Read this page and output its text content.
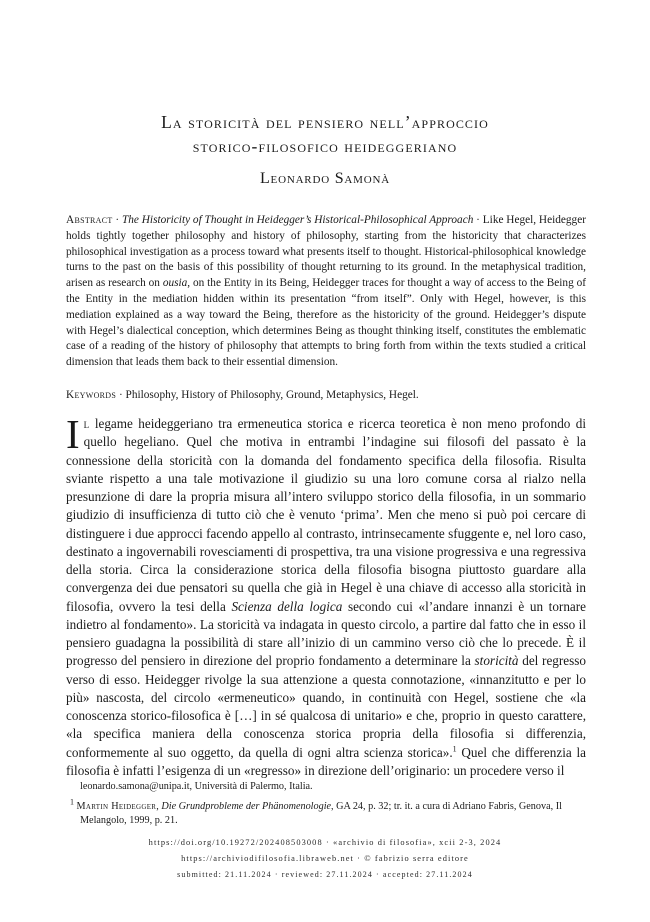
La storicità del pensiero nell’approccio
storico-filosofico heideggeriano
Leonardo Samonà
Abstract · The Historicity of Thought in Heidegger’s Historical-Philosophical Approach · Like Hegel, Heidegger holds tightly together philosophy and history of philosophy, starting from the historicity that characterizes philosophical investigation as a process toward what presents itself to thought. Historical-philosophical knowledge turns to the past on the basis of this possibility of thought returning to its ground. In the metaphysical tradition, arisen as research on ousia, on the Entity in its Being, Heidegger traces for thought a way of access to the Being of the Entity in the mediation hidden within its presentation “from itself”. Only with Hegel, however, is this mediation explained as a way toward the Being, therefore as the historicity of the ground. Heidegger’s dispute with Hegel’s dialectical conception, which determines Being as thought thinking itself, constitutes the emblematic case of a reading of the history of philosophy that attempts to bring forth from within the texts studied a critical dimension that leads them back to their essential dimension.
Keywords · Philosophy, History of Philosophy, Ground, Metaphysics, Hegel.
Il legame heideggeriano tra ermeneutica storica e ricerca teoretica è non meno profondo di quello hegeliano. Quel che motiva in entrambi l’indagine sui filosofi del passato è la connessione della storicità con la domanda del fondamento specifica della filosofia. Risulta sviante rispetto a una tale motivazione il giudizio su una loro comune corsa al rialzo nella presunzione di dare la propria misura all’intero sviluppo storico della filosofia, in un sommario giudizio di insufficienza di tutto ciò che è venuto ‘prima’. Men che meno si può poi cercare di distinguere i due approcci facendo appello al contrasto, intrinsecamente sfuggente e, nel loro caso, destinato a ingovernabili rovesciamenti di prospettiva, tra una visione progressiva e una regressiva della storia. Circa la considerazione storica della filosofia bisogna piuttosto guardare alla convergenza dei due pensatori su quella che già in Hegel è una chiave di accesso alla storicità in filosofia, ovvero la tesi della Scienza della logica secondo cui «l’andare innanzi è un tornare indietro al fondamento». La storicità va indagata in questo circolo, a partire dal fatto che in esso il pensiero guadagna la possibilità di stare all’inizio di un cammino verso ciò che lo precede. È il progresso del pensiero in direzione del proprio fondamento a determinare la storicità del regresso verso di esso. Heidegger rivolge la sua attenzione a questa connotazione, «innanzitutto e per lo più» nascosta, del circolo «ermeneutico» quando, in continuità con Hegel, sostiene che «la conoscenza storico-filosofica è […] in sé qualcosa di unitario» e che, proprio in questo carattere, «la specifica maniera della conoscenza storica propria della filosofia si differenzia, conformemente al suo oggetto, da quella di ogni altra scienza storica».$^1$ Quel che differenzia la filosofia è infatti l’esigenza di un «regresso» in direzione dell’originario: un procedere verso il
leonardo.samona@unipa.it, Università di Palermo, Italia.
$^1$ Martin Heidegger, Die Grundprobleme der Phänomenologie, GA 24, p. 32; tr. it. a cura di Adriano Fabris, Genova, Il Melangolo, 1999, p. 21.
https://doi.org/10.19272/202408503008 · «archivio di filosofia», xcii 2-3, 2024
https://archiviodifilosofia.libraweb.net · © fabrizio serra editore
submitted: 21.11.2024 · reviewed: 27.11.2024 · accepted: 27.11.2024
